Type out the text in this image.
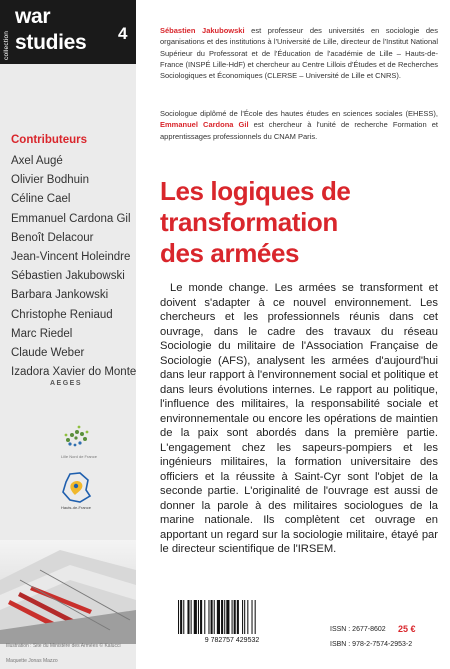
collection
war
studies 4
Contributeurs
Axel Augé
Olivier Bodhuin
Céline Cael
Emmanuel Cardona Gil
Benoît Delacour
Jean-Vincent Holeindre
Sébastien Jakubowski
Barbara Jankowski
Christophe Reniaud
Marc Riedel
Claude Weber
Izadora Xavier do Monte
AEGES
Lille Nord de France
Hauts-de-France
Illustration : Site du Ministère des Armées © Kalucci
Maquette Jonas Mazzo

Sébastien Jakubowski est professeur des universités en sociologie des organisations et des institutions à l'Université de Lille, directeur de l'Institut National Supérieur du Professorat et de l'Éducation de l'académie de Lille – Hauts-de-France (INSPÉ Lille-HdF) et chercheur au Centre Lillois d'Études et de Recherches Sociologiques et Économiques (CLERSE – Université de Lille et CNRS).

Sociologue diplômé de l'École des hautes études en sciences sociales (EHESS), Emmanuel Cardona Gil est chercheur à l'unité de recherche Formation et apprentissages professionnels du CNAM Paris.

Les logiques de
transformation
des armées

Le monde change. Les armées se transforment et doivent s'adapter à ce nouvel environnement. Les chercheurs et les professionnels réunis dans cet ouvrage, dans le cadre des travaux du réseau Sociologie du militaire de l'Association Française de Sociologie (AFS), analysent les armées d'aujourd'hui dans leur rapport à l'environnement social et politique et dans leurs évolutions internes. Le rapport au politique, l'influence des militaires, la responsabilité sociale et environnementale ou encore les opérations de maintien de la paix sont abordés dans la première partie. L'engagement chez les sapeurs-pompiers et les ingénieurs militaires, la formation universitaire des officiers et la réussite à Saint-Cyr sont l'objet de la seconde partie. L'originalité de l'ouvrage est aussi de donner la parole à des militaires sociologues de la marine nationale. Ils complètent cet ouvrage en apportant un regard sur la sociologie militaire, étayé par le directeur scientifique de l'IRSEM.

9 782757 429532
ISSN : 2677-8602 25 €
ISBN : 978-2-7574-2953-2
